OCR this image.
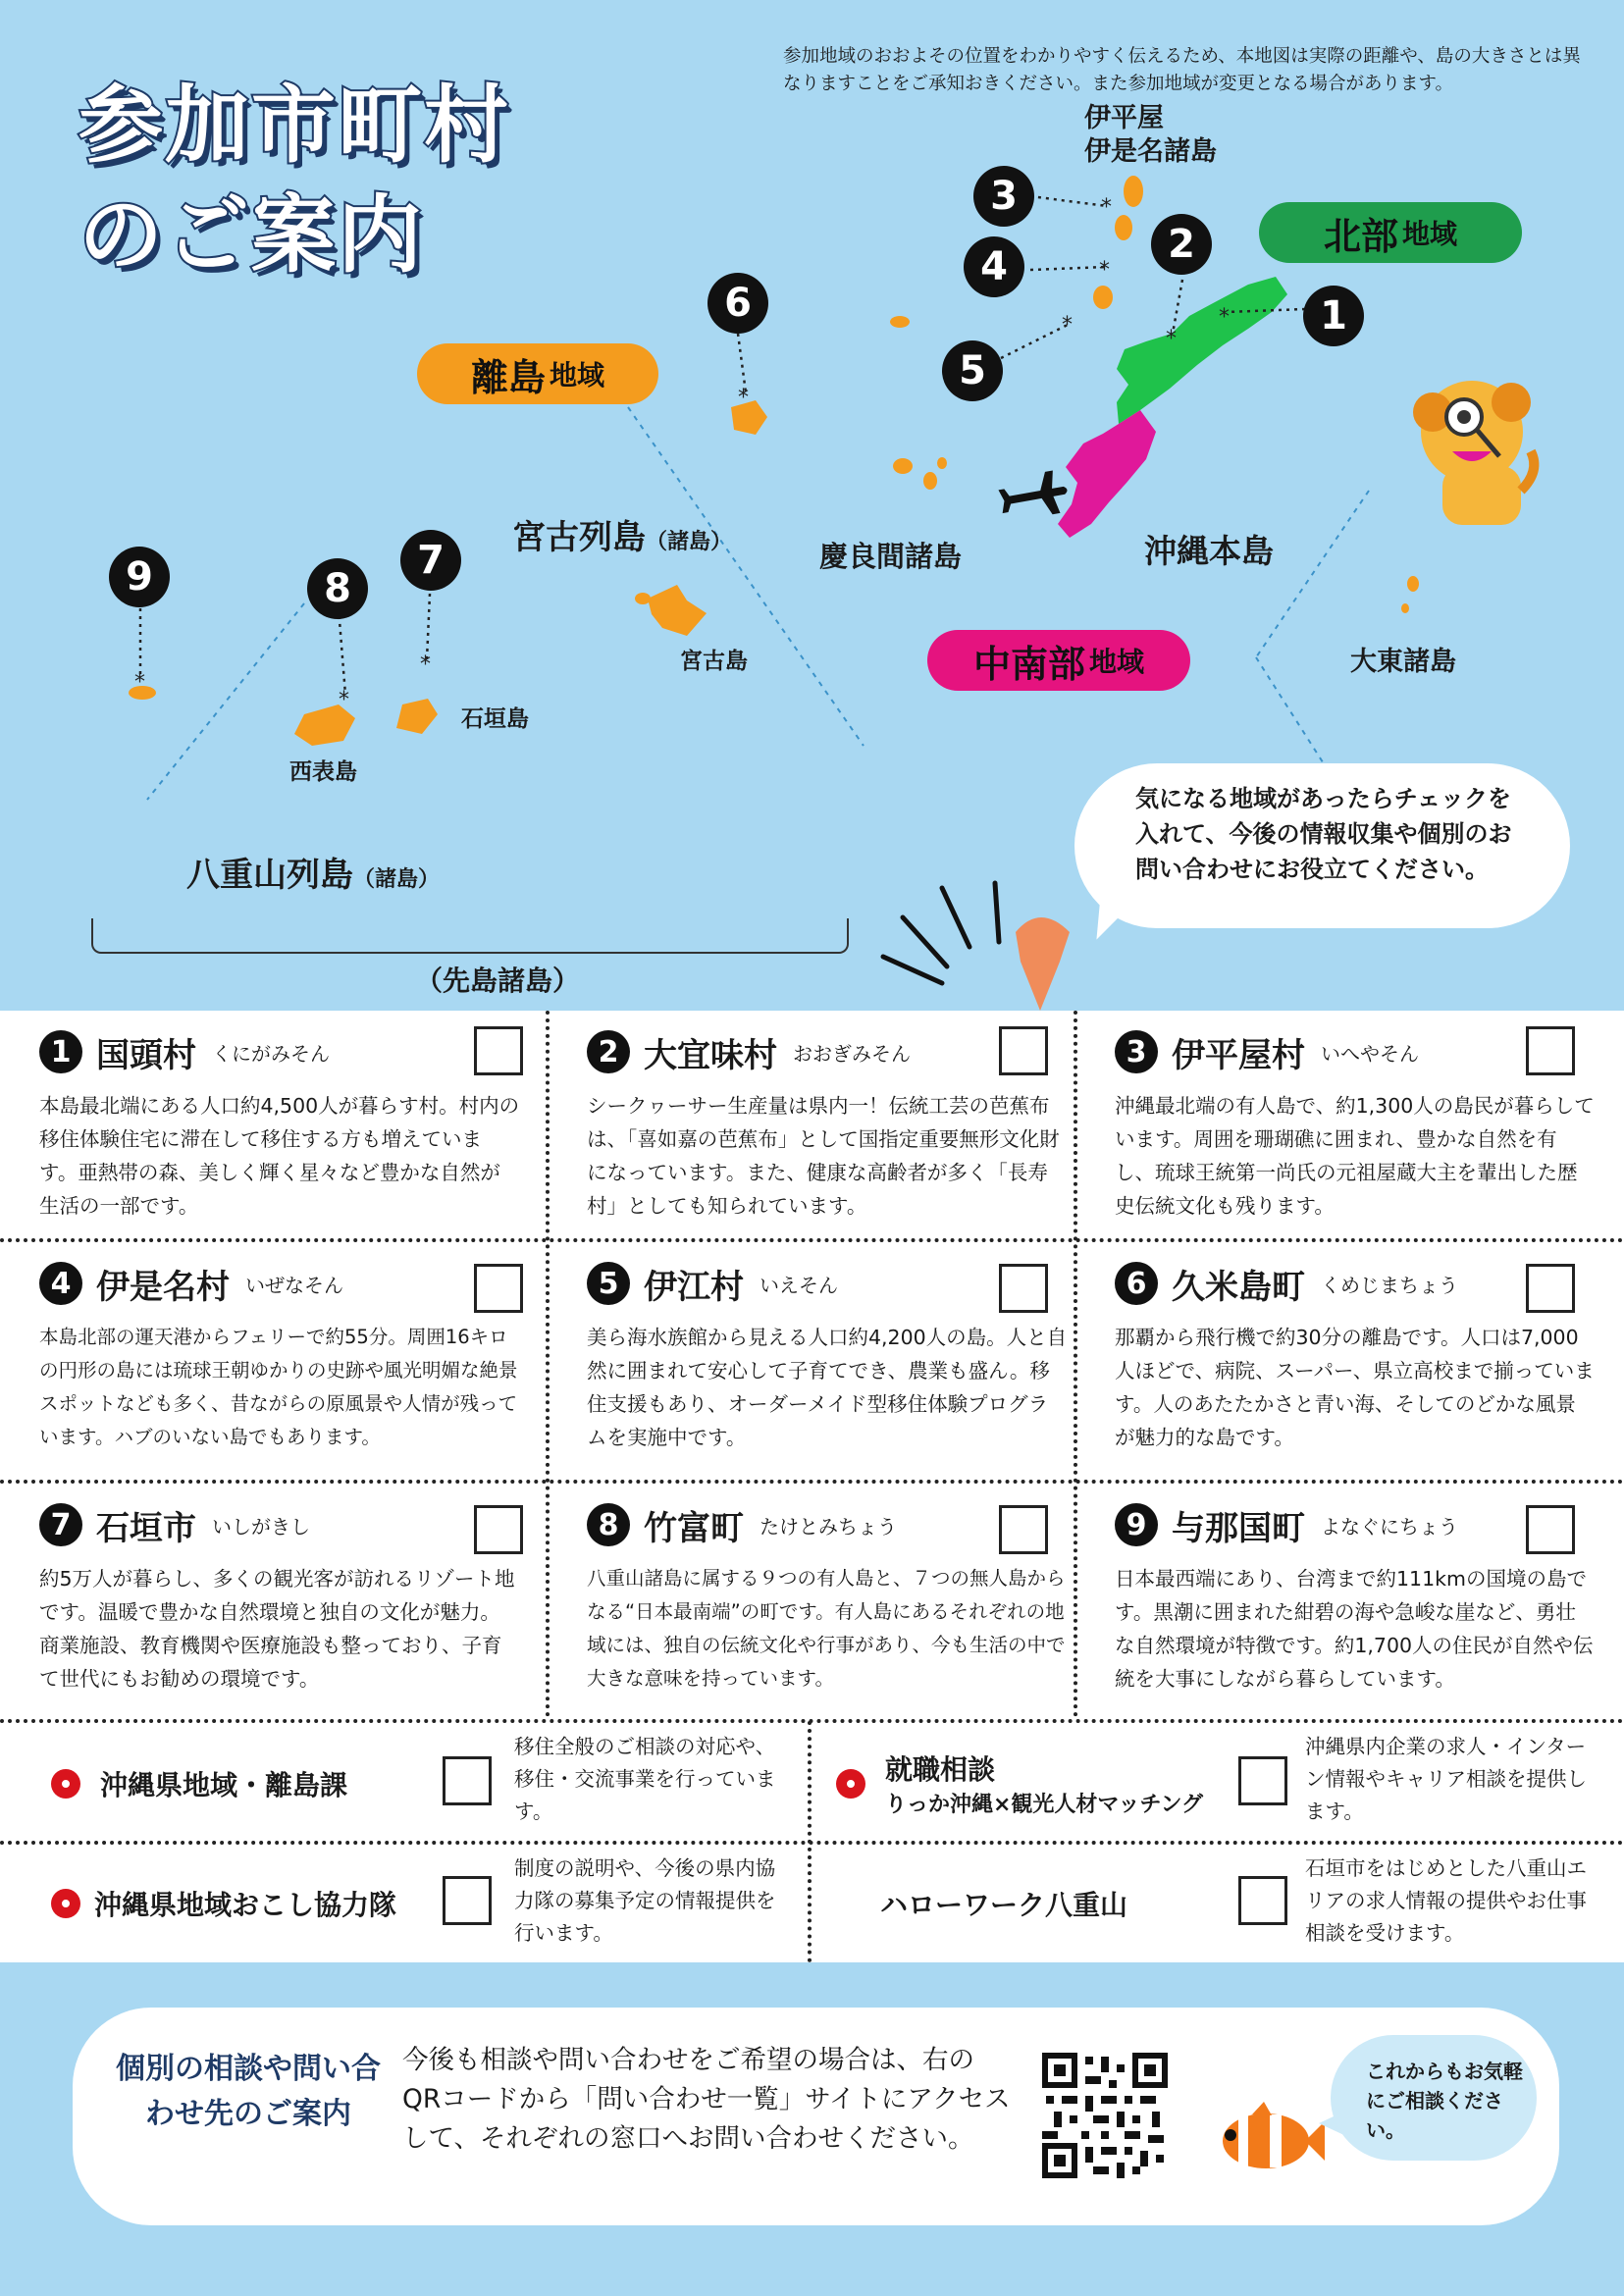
参加市町村
のご案内
参加地域のおおよその位置をわかりやすく伝えるため、本地図は実際の距離や、島の大きさとは異なりますことをご承知おきください。また参加地域が変更となる場合があります。
*
*
*
*
*
*
*
*
*
1
2
3
4
5
6
7
8
9
北部 地域
中南部 地域
離島 地域
伊平屋
伊是名諸島
沖縄本島
慶良間諸島
宮古列島（諸島）
宮古島	大東諸島
石垣島
西表島
八重山列島（諸島）
（先島諸島）
気になる地域があったらチェックを入れて、今後の情報収集や個別のお問い合わせにお役立てください。
1 国頭村 くにがみそん
本島最北端にある人口約4,500人が暮らす村。村内の移住体験住宅に滞在して移住する方も増えています。亜熱帯の森、美しく輝く星々など豊かな自然が生活の一部です。
2 大宜味村 おおぎみそん
シークヮーサー生産量は県内一！伝統工芸の芭蕉布は、「喜如嘉の芭蕉布」として国指定重要無形文化財になっています。また、健康な高齢者が多く「長寿村」としても知られています。
3 伊平屋村 いへやそん
沖縄最北端の有人島で、約1,300人の島民が暮らしています。周囲を珊瑚礁に囲まれ、豊かな自然を有し、琉球王統第一尚氏の元祖屋蔵大主を輩出した歴史伝統文化も残ります。
4 伊是名村 いぜなそん
本島北部の運天港からフェリーで約55分。周囲16キロの円形の島には琉球王朝ゆかりの史跡や風光明媚な絶景スポットなども多く、昔ながらの原風景や人情が残っています。ハブのいない島でもあります。
5 伊江村 いえそん
美ら海水族館から見える人口約4,200人の島。人と自然に囲まれて安心して子育てでき、農業も盛ん。移住支援もあり、オーダーメイド型移住体験プログラムを実施中です。
6 久米島町 くめじまちょう
那覇から飛行機で約30分の離島です。人口は7,000人ほどで、病院、スーパー、県立高校まで揃っています。人のあたたかさと青い海、そしてのどかな風景が魅力的な島です。
7 石垣市 いしがきし
約5万人が暮らし、多くの観光客が訪れるリゾート地です。温暖で豊かな自然環境と独自の文化が魅力。商業施設、教育機関や医療施設も整っており、子育て世代にもお勧めの環境です。
8 竹富町 たけとみちょう
八重山諸島に属する９つの有人島と、７つの無人島からなる“日本最南端”の町です。有人島にあるそれぞれの地域には、独自の伝統文化や行事があり、今も生活の中で大きな意味を持っています。
9 与那国町 よなぐにちょう
日本最西端にあり、台湾まで約111kmの国境の島です。黒潮に囲まれた紺碧の海や急峻な崖など、勇壮な自然環境が特徴です。約1,700人の住民が自然や伝統を大事にしながら暮らしています。
沖縄県地域・離島課
移住全般のご相談の対応や、移住・交流事業を行っています。
就職相談
りっか沖縄×観光人材マッチング
沖縄県内企業の求人・インターン情報やキャリア相談を提供します。
沖縄県地域おこし協力隊
制度の説明や、今後の県内協力隊の募集予定の情報提供を行います。
ハローワーク八重山
石垣市をはじめとした八重山エリアの求人情報の提供やお仕事相談を受けます。
個別の相談や問い合わせ先のご案内
今後も相談や問い合わせをご希望の場合は、右のQRコードから「問い合わせ一覧」サイトにアクセスして、それぞれの窓口へお問い合わせください。
これからもお気軽にご相談ください。
